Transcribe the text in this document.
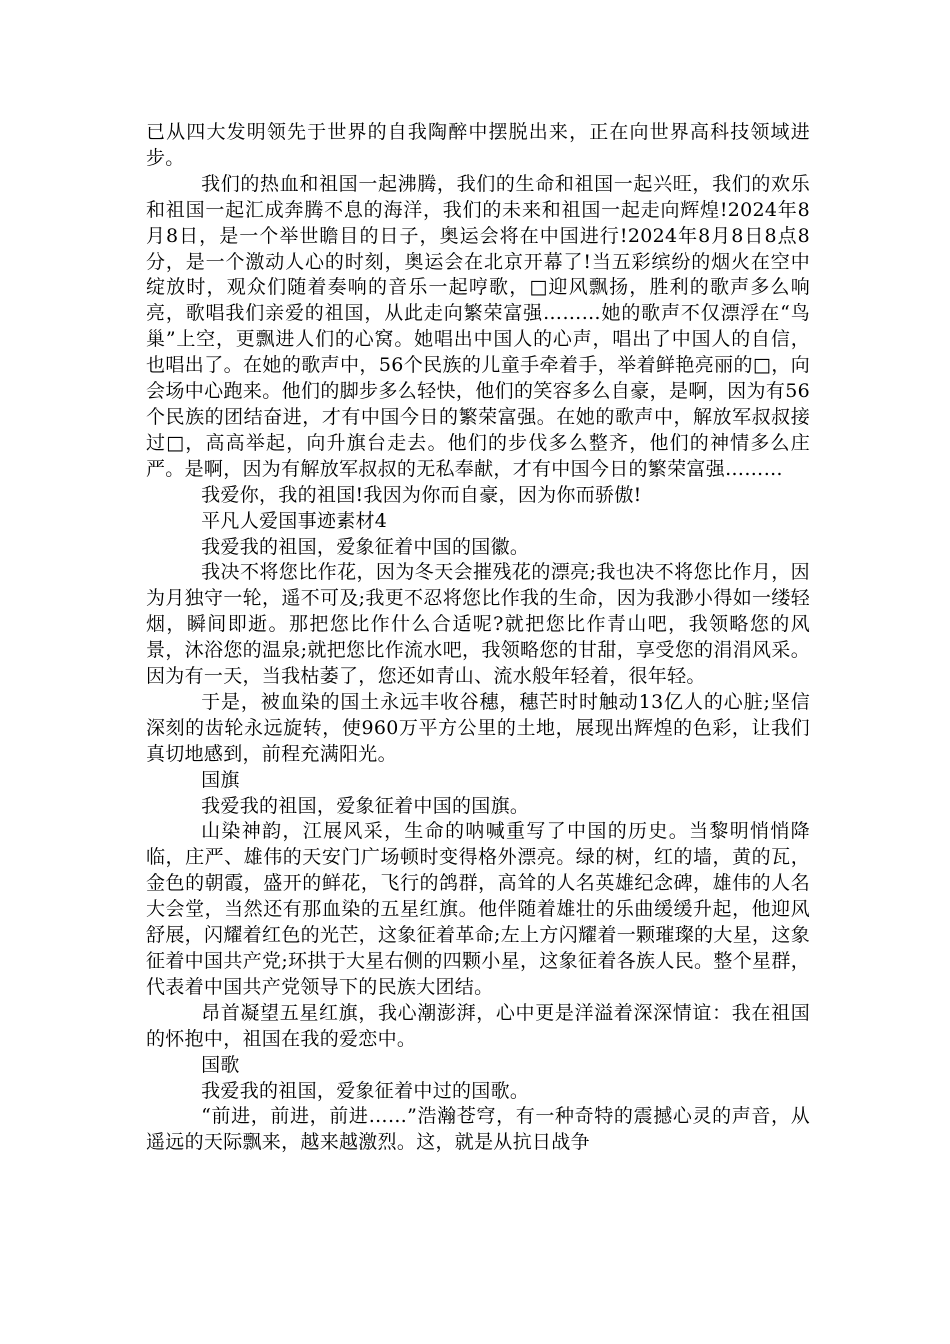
已从四大发明领先于世界的自我陶醉中摆脱出来，正在向世界高科技领域进步。

我们的热血和祖国一起沸腾，我们的生命和祖国一起兴旺，我们的欢乐和祖国一起汇成奔腾不息的海洋，我们的未来和祖国一起走向辉煌!2024年8月8日，是一个举世瞻目的日子，奥运会将在中国进行!2024年8月8日8点8分，是一个激动人心的时刻，奥运会在北京开幕了!当五彩缤纷的烟火在空中绽放时，观众们随着奏响的音乐一起哼歌，□迎风飘扬，胜利的歌声多么响亮，歌唱我们亲爱的祖国，从此走向繁荣富强………她的歌声不仅漂浮在“鸟巢”上空，更飘进人们的心窝。她唱出中国人的心声，唱出了中国人的自信，也唱出了。在她的歌声中，56个民族的儿童手牵着手，举着鲜艳亮丽的□，向会场中心跑来。他们的脚步多么轻快，他们的笑容多么自豪，是啊，因为有56个民族的团结奋进，才有中国今日的繁荣富强。在她的歌声中，解放军叔叔接过□，高高举起，向升旗台走去。他们的步伐多么整齐，他们的神情多么庄严。是啊，因为有解放军叔叔的无私奉献，才有中国今日的繁荣富强………

我爱你，我的祖国!我因为你而自豪，因为你而骄傲!

平凡人爱国事迹素材4

我爱我的祖国，爱象征着中国的国徽。

我决不将您比作花，因为冬天会摧残花的漂亮;我也决不将您比作月，因为月独守一轮，遥不可及;我更不忍将您比作我的生命，因为我渺小得如一缕轻烟，瞬间即逝。那把您比作什么合适呢?就把您比作青山吧，我领略您的风景，沐浴您的温泉;就把您比作流水吧，我领略您的甘甜，享受您的涓涓风采。因为有一天，当我枯萎了，您还如青山、流水般年轻着，很年轻。

于是，被血染的国土永远丰收谷穗，穗芒时时触动13亿人的心脏;坚信深刻的齿轮永远旋转，使960万平方公里的土地，展现出辉煌的色彩，让我们真切地感到，前程充满阳光。

国旗

我爱我的祖国，爱象征着中国的国旗。

山染神韵，江展风采，生命的呐喊重写了中国的历史。当黎明悄悄降临，庄严、雄伟的天安门广场顿时变得格外漂亮。绿的树，红的墙，黄的瓦，金色的朝霞，盛开的鲜花，飞行的鸽群，高耸的人名英雄纪念碑，雄伟的人名大会堂，当然还有那血染的五星红旗。他伴随着雄壮的乐曲缓缓升起，他迎风舒展，闪耀着红色的光芒，这象征着革命;左上方闪耀着一颗璀璨的大星，这象征着中国共产党;环拱于大星右侧的四颗小星，这象征着各族人民。整个星群，代表着中国共产党领导下的民族大团结。

昂首凝望五星红旗，我心潮澎湃，心中更是洋溢着深深情谊：我在祖国的怀抱中，祖国在我的爱恋中。

国歌

我爱我的祖国，爱象征着中过的国歌。

“前进，前进，前进……”浩瀚苍穹，有一种奇特的震撼心灵的声音，从遥远的天际飘来，越来越激烈。这，就是从抗日战争
